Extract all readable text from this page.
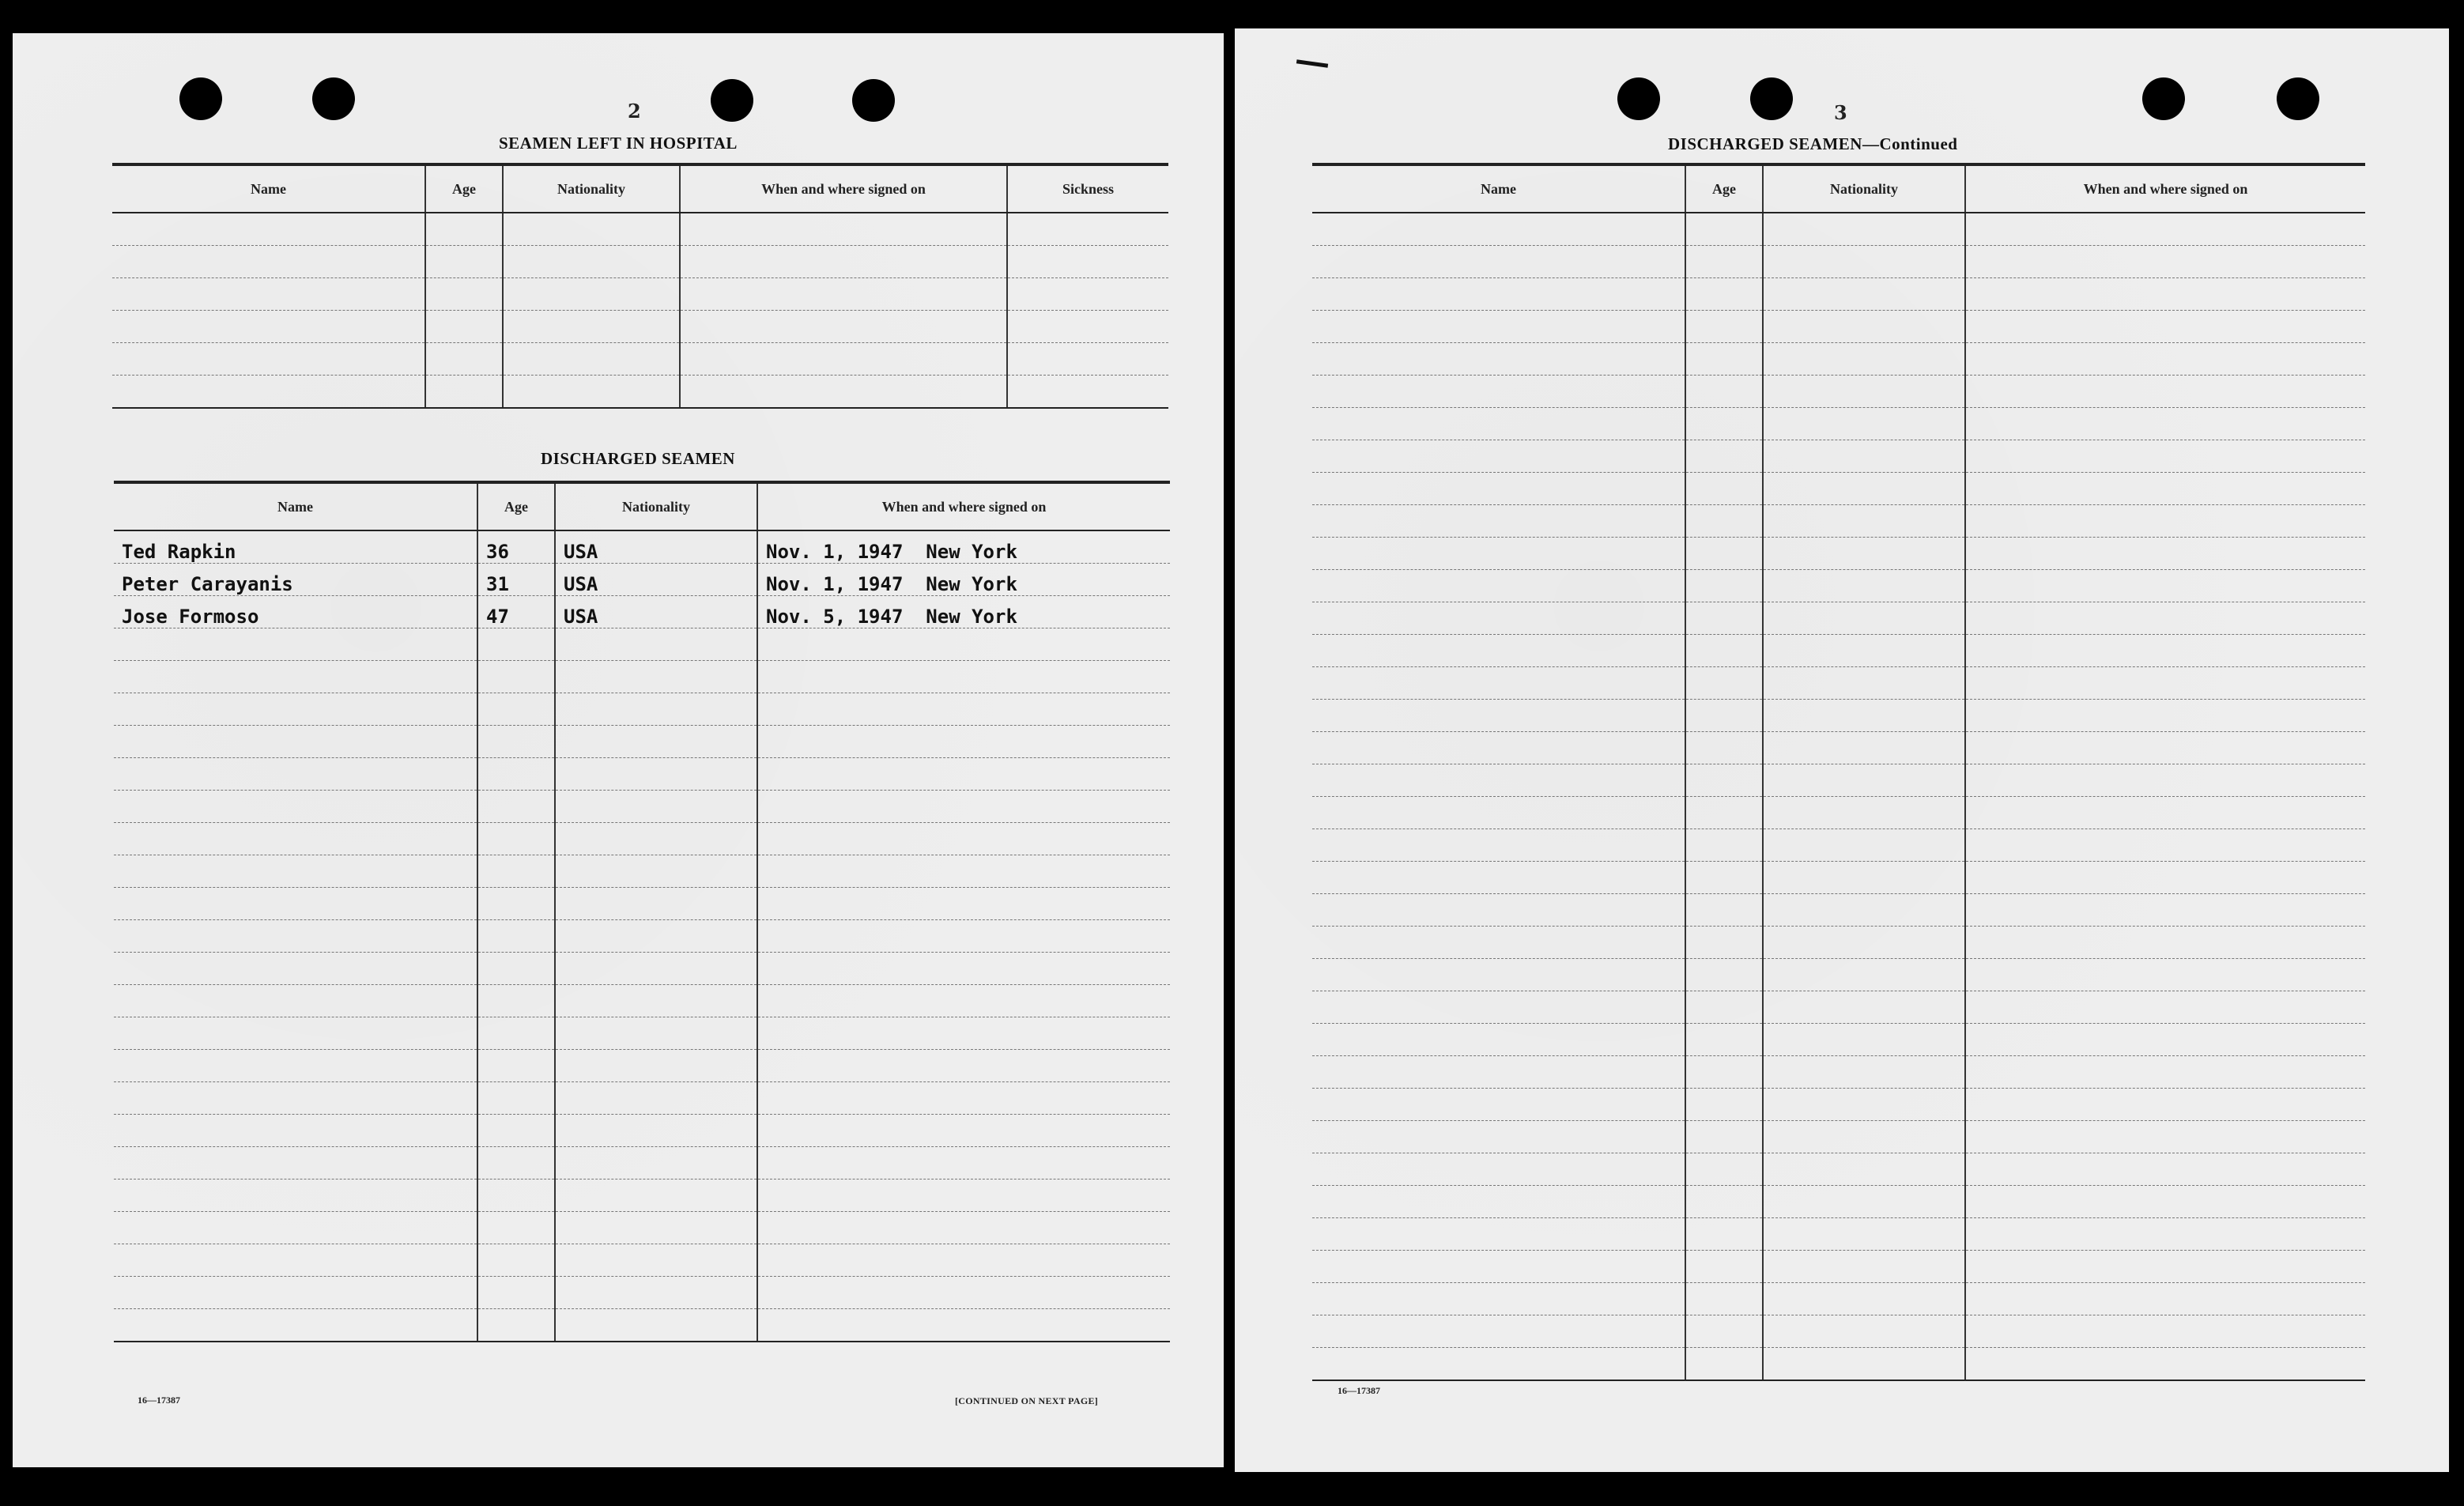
2
SEAMEN LEFT IN HOSPITAL
Name	Age	Nationality	When and where signed on	Sickness

DISCHARGED SEAMEN
Name	Age	Nationality	When and where signed on
Ted Rapkin	36	USA	Nov. 1, 1947 New York
Peter Carayanis	31	USA	Nov. 1, 1947 New York
Jose Formoso	47	USA	Nov. 5, 1947 New York

16—17387	[CONTINUED ON NEXT PAGE]
3
DISCHARGED SEAMEN—Continued
Name	Age	Nationality	When and where signed on

16—17387
